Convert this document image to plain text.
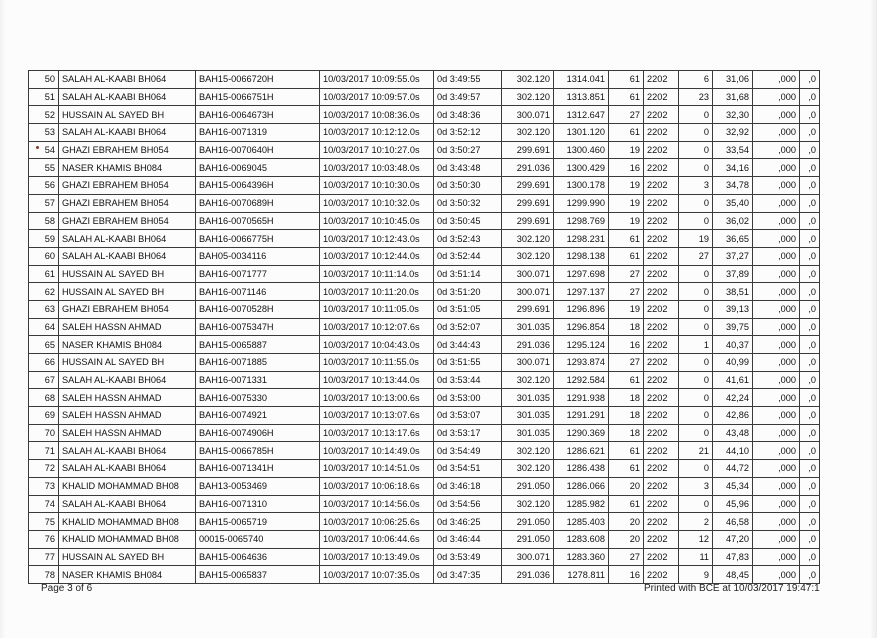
50	SALAH AL-KAABI BH064	BAH15-0066720H	10/03/2017 10:09:55.0s	0d 3:49:55	302.120	1314.041	61	2202	6	31,06	,000	,0
51	SALAH AL-KAABI BH064	BAH15-0066751H	10/03/2017 10:09:57.0s	0d 3:49:57	302.120	1313.851	61	2202	23	31,68	,000	,0
52	HUSSAIN AL SAYED BH	BAH16-0064673H	10/03/2017 10:08:36.0s	0d 3:48:36	300.071	1312.647	27	2202	0	32,30	,000	,0
53	SALAH AL-KAABI BH064	BAH16-0071319	10/03/2017 10:12:12.0s	0d 3:52:12	302.120	1301.120	61	2202	0	32,92	,000	,0
54	GHAZI EBRAHEM BH054	BAH16-0070640H	10/03/2017 10:10:27.0s	0d 3:50:27	299.691	1300.460	19	2202	0	33,54	,000	,0
55	NASER KHAMIS BH084	BAH16-0069045	10/03/2017 10:03:48.0s	0d 3:43:48	291.036	1300.429	16	2202	0	34,16	,000	,0
56	GHAZI EBRAHEM BH054	BAH15-0064396H	10/03/2017 10:10:30.0s	0d 3:50:30	299.691	1300.178	19	2202	3	34,78	,000	,0
57	GHAZI EBRAHEM BH054	BAH16-0070689H	10/03/2017 10:10:32.0s	0d 3:50:32	299.691	1299.990	19	2202	0	35,40	,000	,0
58	GHAZI EBRAHEM BH054	BAH16-0070565H	10/03/2017 10:10:45.0s	0d 3:50:45	299.691	1298.769	19	2202	0	36,02	,000	,0
59	SALAH AL-KAABI BH064	BAH16-0066775H	10/03/2017 10:12:43.0s	0d 3:52:43	302.120	1298.231	61	2202	19	36,65	,000	,0
60	SALAH AL-KAABI BH064	BAH05-0034116	10/03/2017 10:12:44.0s	0d 3:52:44	302.120	1298.138	61	2202	27	37,27	,000	,0
61	HUSSAIN AL SAYED BH	BAH16-0071777	10/03/2017 10:11:14.0s	0d 3:51:14	300.071	1297.698	27	2202	0	37,89	,000	,0
62	HUSSAIN AL SAYED BH	BAH16-0071146	10/03/2017 10:11:20.0s	0d 3:51:20	300.071	1297.137	27	2202	0	38,51	,000	,0
63	GHAZI EBRAHEM BH054	BAH16-0070528H	10/03/2017 10:11:05.0s	0d 3:51:05	299.691	1296.896	19	2202	0	39,13	,000	,0
64	SALEH HASSN AHMAD	BAH16-0075347H	10/03/2017 10:12:07.6s	0d 3:52:07	301.035	1296.854	18	2202	0	39,75	,000	,0
65	NASER KHAMIS BH084	BAH15-0065887	10/03/2017 10:04:43.0s	0d 3:44:43	291.036	1295.124	16	2202	1	40,37	,000	,0
66	HUSSAIN AL SAYED BH	BAH16-0071885	10/03/2017 10:11:55.0s	0d 3:51:55	300.071	1293.874	27	2202	0	40,99	,000	,0
67	SALAH AL-KAABI BH064	BAH16-0071331	10/03/2017 10:13:44.0s	0d 3:53:44	302.120	1292.584	61	2202	0	41,61	,000	,0
68	SALEH HASSN AHMAD	BAH16-0075330	10/03/2017 10:13:00.6s	0d 3:53:00	301.035	1291.938	18	2202	0	42,24	,000	,0
69	SALEH HASSN AHMAD	BAH16-0074921	10/03/2017 10:13:07.6s	0d 3:53:07	301.035	1291.291	18	2202	0	42,86	,000	,0
70	SALEH HASSN AHMAD	BAH16-0074906H	10/03/2017 10:13:17.6s	0d 3:53:17	301.035	1290.369	18	2202	0	43,48	,000	,0
71	SALAH AL-KAABI BH064	BAH15-0066785H	10/03/2017 10:14:49.0s	0d 3:54:49	302.120	1286.621	61	2202	21	44,10	,000	,0
72	SALAH AL-KAABI BH064	BAH16-0071341H	10/03/2017 10:14:51.0s	0d 3:54:51	302.120	1286.438	61	2202	0	44,72	,000	,0
73	KHALID MOHAMMAD BH08	BAH13-0053469	10/03/2017 10:06:18.6s	0d 3:46:18	291.050	1286.066	20	2202	3	45,34	,000	,0
74	SALAH AL-KAABI BH064	BAH16-0071310	10/03/2017 10:14:56.0s	0d 3:54:56	302.120	1285.982	61	2202	0	45,96	,000	,0
75	KHALID MOHAMMAD BH08	BAH15-0065719	10/03/2017 10:06:25.6s	0d 3:46:25	291.050	1285.403	20	2202	2	46,58	,000	,0
76	KHALID MOHAMMAD BH08	00015-0065740	10/03/2017 10:06:44.6s	0d 3:46:44	291.050	1283.608	20	2202	12	47,20	,000	,0
77	HUSSAIN AL SAYED BH	BAH15-0064636	10/03/2017 10:13:49.0s	0d 3:53:49	300.071	1283.360	27	2202	11	47,83	,000	,0
78	NASER KHAMIS BH084	BAH15-0065837	10/03/2017 10:07:35.0s	0d 3:47:35	291.036	1278.811	16	2202	9	48,45	,000	,0
Page 3 of 6	Printed with BCE at 10/03/2017 19:47:1
